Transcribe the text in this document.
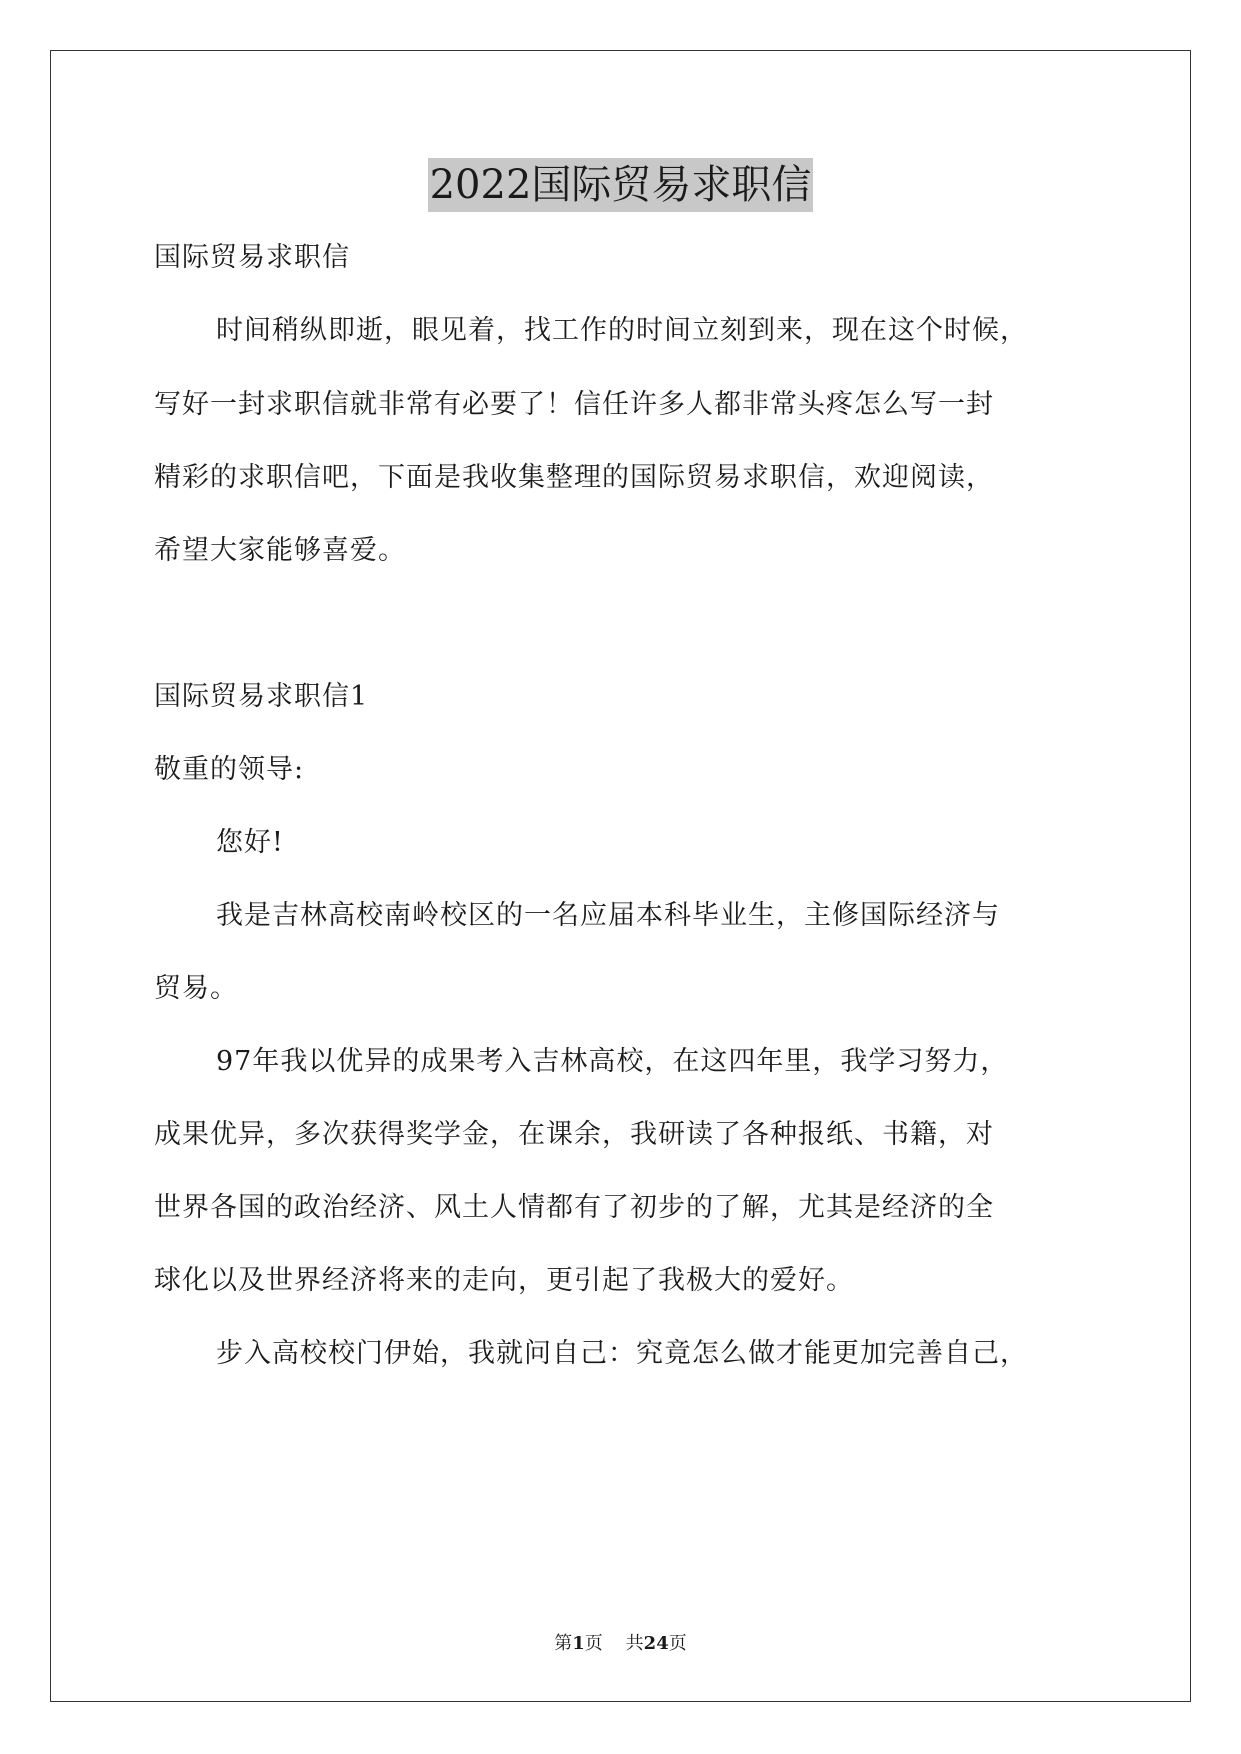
2022国际贸易求职信
国际贸易求职信
时间稍纵即逝，眼见着，找工作的时间立刻到来，现在这个时候，
写好一封求职信就非常有必要了！信任许多人都非常头疼怎么写一封
精彩的求职信吧，下面是我收集整理的国际贸易求职信，欢迎阅读，
希望大家能够喜爱。
国际贸易求职信1
敬重的领导:
您好!
我是吉林高校南岭校区的一名应届本科毕业生，主修国际经济与
贸易。
97年我以优异的成果考入吉林高校，在这四年里，我学习努力，
成果优异，多次获得奖学金，在课余，我研读了各种报纸、书籍，对
世界各国的政治经济、风土人情都有了初步的了解，尤其是经济的全
球化以及世界经济将来的走向，更引起了我极大的爱好。
步入高校校门伊始，我就问自己：究竟怎么做才能更加完善自己，
第1页 共24页
